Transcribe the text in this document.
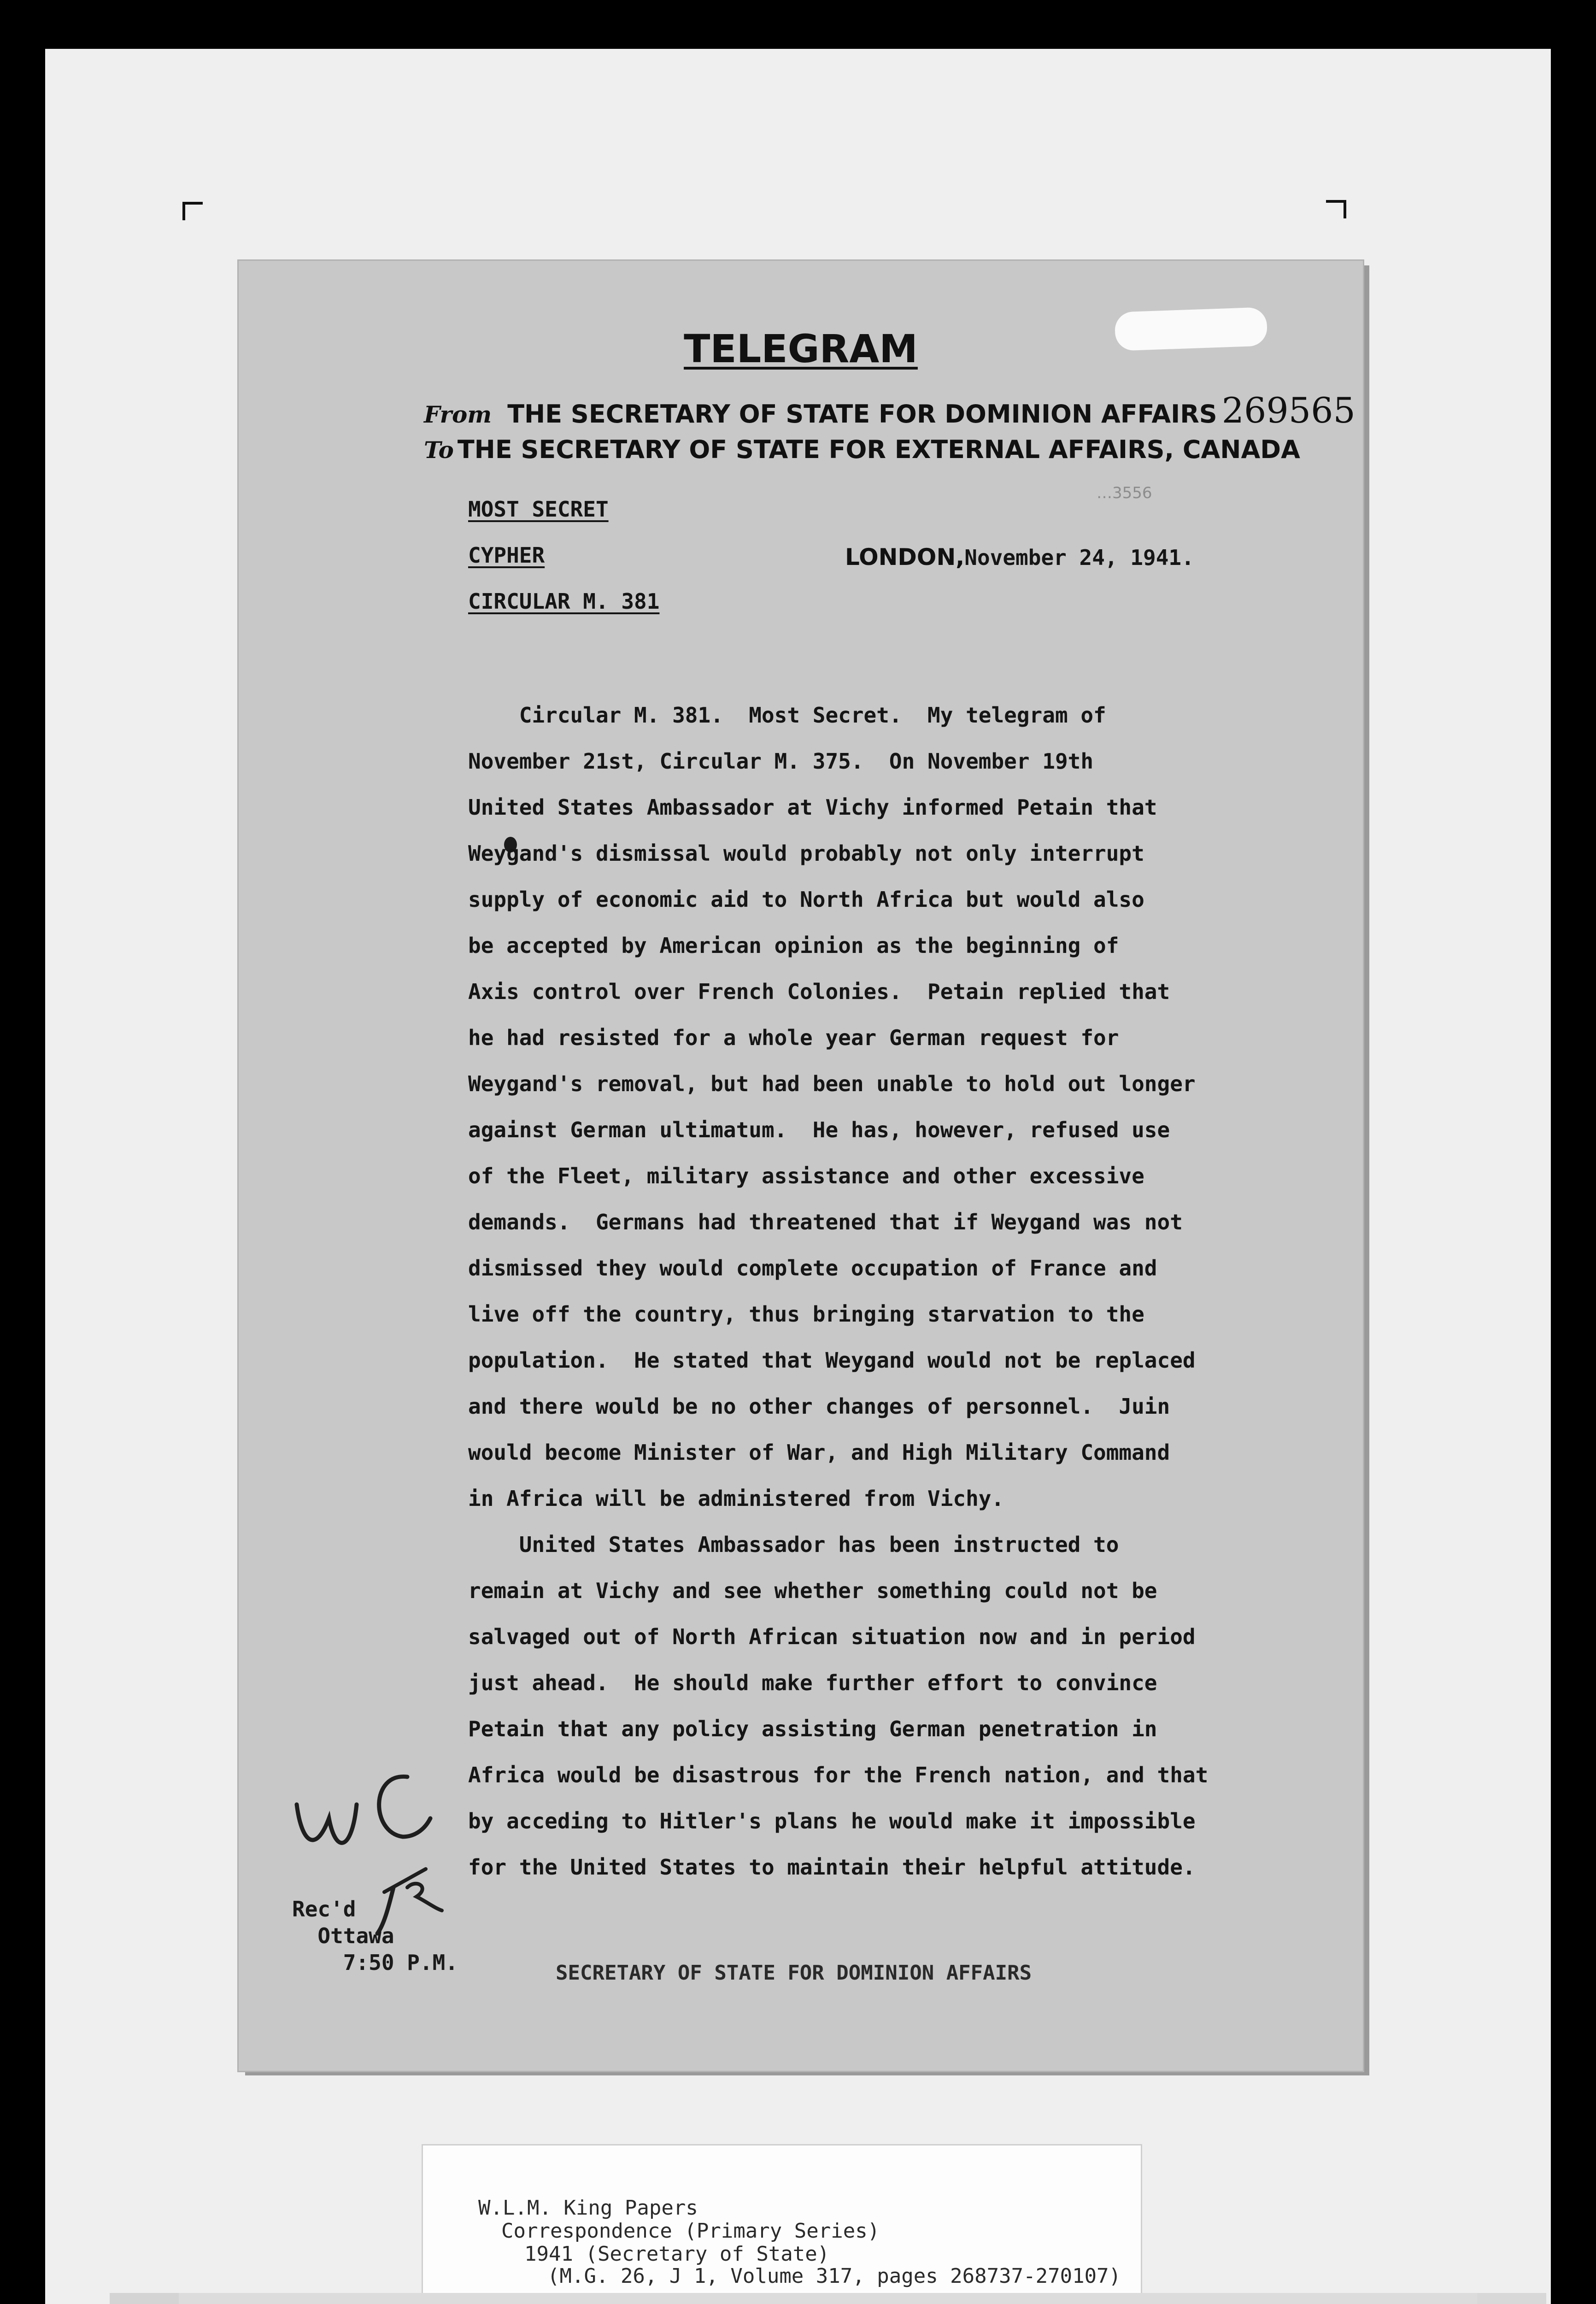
TELEGRAM
From THE SECRETARY OF STATE FOR DOMINION AFFAIRS 269565
To THE SECRETARY OF STATE FOR EXTERNAL AFFAIRS, CANADA
…3556

MOST SECRET

CYPHER

CIRCULAR M. 381

LONDON,November 24, 1941.
Circular M. 381.  Most Secret.  My telegram of
November 21st, Circular M. 375.  On November 19th
United States Ambassador at Vichy informed Petain that
Weygand's dismissal would probably not only interrupt
supply of economic aid to North Africa but would also
be accepted by American opinion as the beginning of
Axis control over French Colonies.  Petain replied that
he had resisted for a whole year German request for
Weygand's removal, but had been unable to hold out longer
against German ultimatum.  He has, however, refused use
of the Fleet, military assistance and other excessive
demands.  Germans had threatened that if Weygand was not
dismissed they would complete occupation of France and
live off the country, thus bringing starvation to the
population.  He stated that Weygand would not be replaced
and there would be no other changes of personnel.  Juin
would become Minister of War, and High Military Command
in Africa will be administered from Vichy.
United States Ambassador has been instructed to
remain at Vichy and see whether something could not be
salvaged out of North African situation now and in period
just ahead.  He should make further effort to convince
Petain that any policy assisting German penetration in
Africa would be disastrous for the French nation, and that
by acceding to Hitler's plans he would make it impossible
for the United States to maintain their helpful attitude.
Rec'd
Ottawa
7:50 P.M.	SECRETARY OF STATE FOR DOMINION AFFAIRS
W.L.M. King Papers
Correspondence (Primary Series)
1941 (Secretary of State)
(M.G. 26, J 1, Volume 317, pages 268737-270107)
